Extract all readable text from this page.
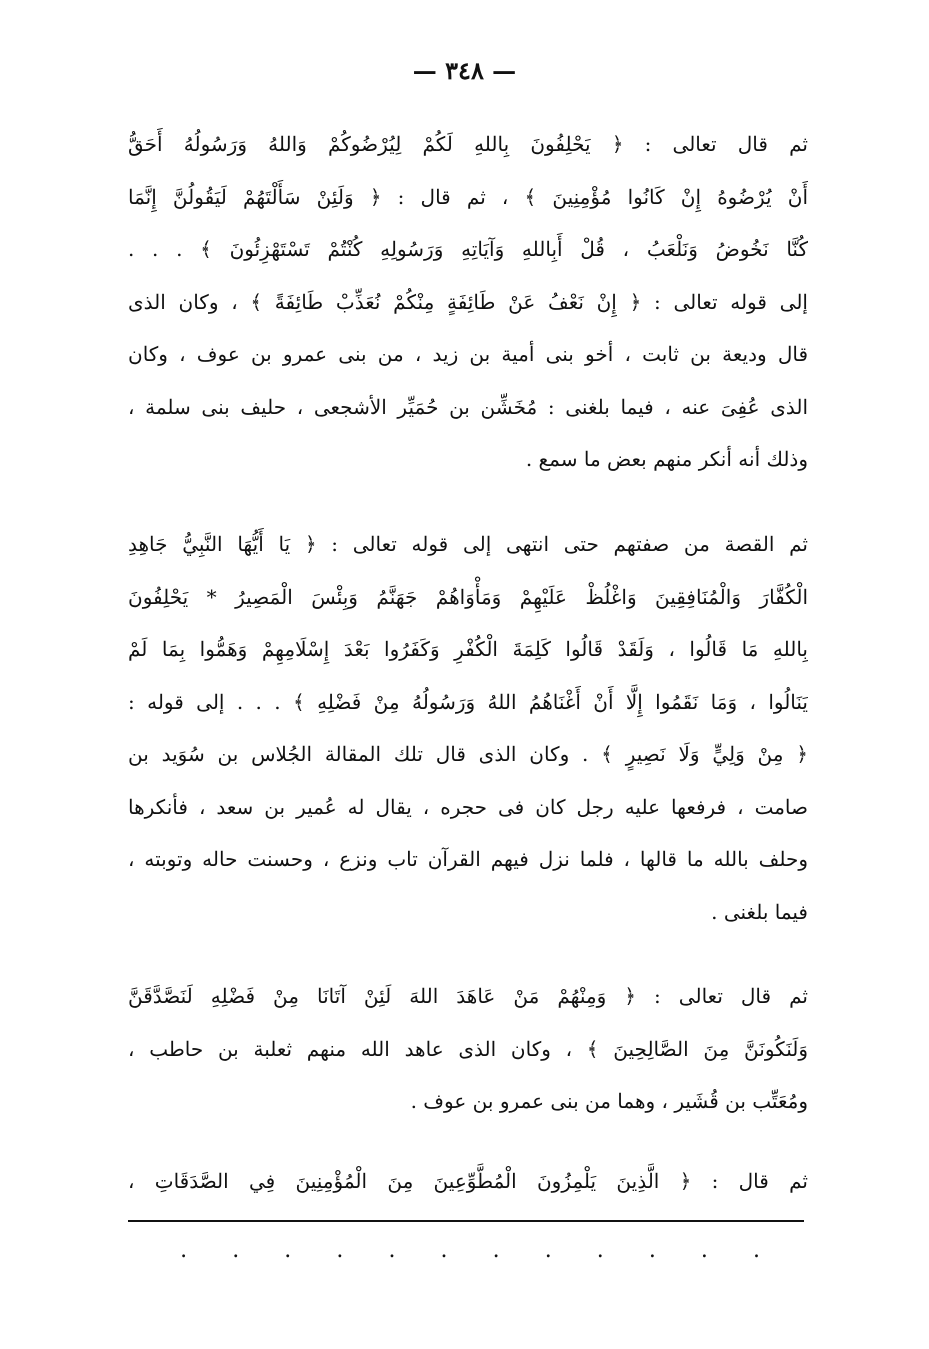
— ٣٤٨ —
ثم قال تعالى : ﴿ يَحْلِفُونَ بِاللهِ لَكُمْ لِيُرْضُوكُمْ وَاللهُ وَرَسُولُهُ أَحَقُّ
أَنْ يُرْضُوهُ إِنْ كَانُوا مُؤْمِنِينَ ﴾ ، ثم قال : ﴿ وَلَئِنْ سَأَلْتَهُمْ لَيَقُولُنَّ إِنَّمَا
كُنَّا نَخُوضُ وَنَلْعَبُ ، قُلْ أَبِاللهِ وَآيَاتِهِ وَرَسُولِهِ كُنْتُمْ تَسْتَهْزِئُونَ ﴾ . . .
إلى قوله تعالى : ﴿ إِنْ نَعْفُ عَنْ طَائِفَةٍ مِنْكُمْ نُعَذِّبْ طَائِفَةً ﴾ ، وكان الذى
قال وديعة بن ثابت ، أخو بنى أمية بن زيد ، من بنى عمرو بن عوف ، وكان
الذى عُفِىَ عنه ، فيما بلغنى : مُخَشِّن بن حُمَيِّر الأشجعى ، حليف بنى سلمة ،
وذلك أنه أنكر منهم بعض ما سمع .
ثم القصة من صفتهم حتى انتهى إلى قوله تعالى : ﴿ يَا أَيُّهَا النَّبِيُّ جَاهِدِ
الْكُفَّارَ وَالْمُنَافِقِينَ وَاغْلُظْ عَلَيْهِمْ وَمَأْوَاهُمْ جَهَنَّمُ وَبِئْسَ الْمَصِيرُ * يَحْلِفُونَ
بِاللهِ مَا قَالُوا ، وَلَقَدْ قَالُوا كَلِمَةَ الْكُفْرِ وَكَفَرُوا بَعْدَ إِسْلَامِهِمْ وَهَمُّوا بِمَا لَمْ
يَنَالُوا ، وَمَا نَقَمُوا إِلَّا أَنْ أَغْنَاهُمُ اللهُ وَرَسُولُهُ مِنْ فَضْلِهِ ﴾ . . . إلى قوله :
﴿ مِنْ وَلِيٍّ وَلَا نَصِيرٍ ﴾ . وكان الذى قال تلك المقالة الجُلاس بن سُوَيد بن
صامت ، فرفعها عليه رجل كان فى حجره ، يقال له عُمير بن سعد ، فأنكرها
وحلف بالله ما قالها ، فلما نزل فيهم القرآن تاب ونزع ، وحسنت حاله وتوبته ،
فيما بلغنى .
ثم قال تعالى : ﴿ وَمِنْهُمْ مَنْ عَاهَدَ اللهَ لَئِنْ آتَانَا مِنْ فَضْلِهِ لَنَصَّدَّقَنَّ
وَلَنَكُونَنَّ مِنَ الصَّالِحِينَ ﴾ ، وكان الذى عاهد الله منهم ثعلبة بن حاطب ،
ومُعَتِّب بن قُشَير ، وهما من بنى عمرو بن عوف .
ثم قال : ﴿ الَّذِينَ يَلْمِزُونَ الْمُطَّوِّعِينَ مِنَ الْمُؤْمِنِينَ فِي الصَّدَقَاتِ ،
.
.
.
.
.
.
.
.
.
.
.
.
